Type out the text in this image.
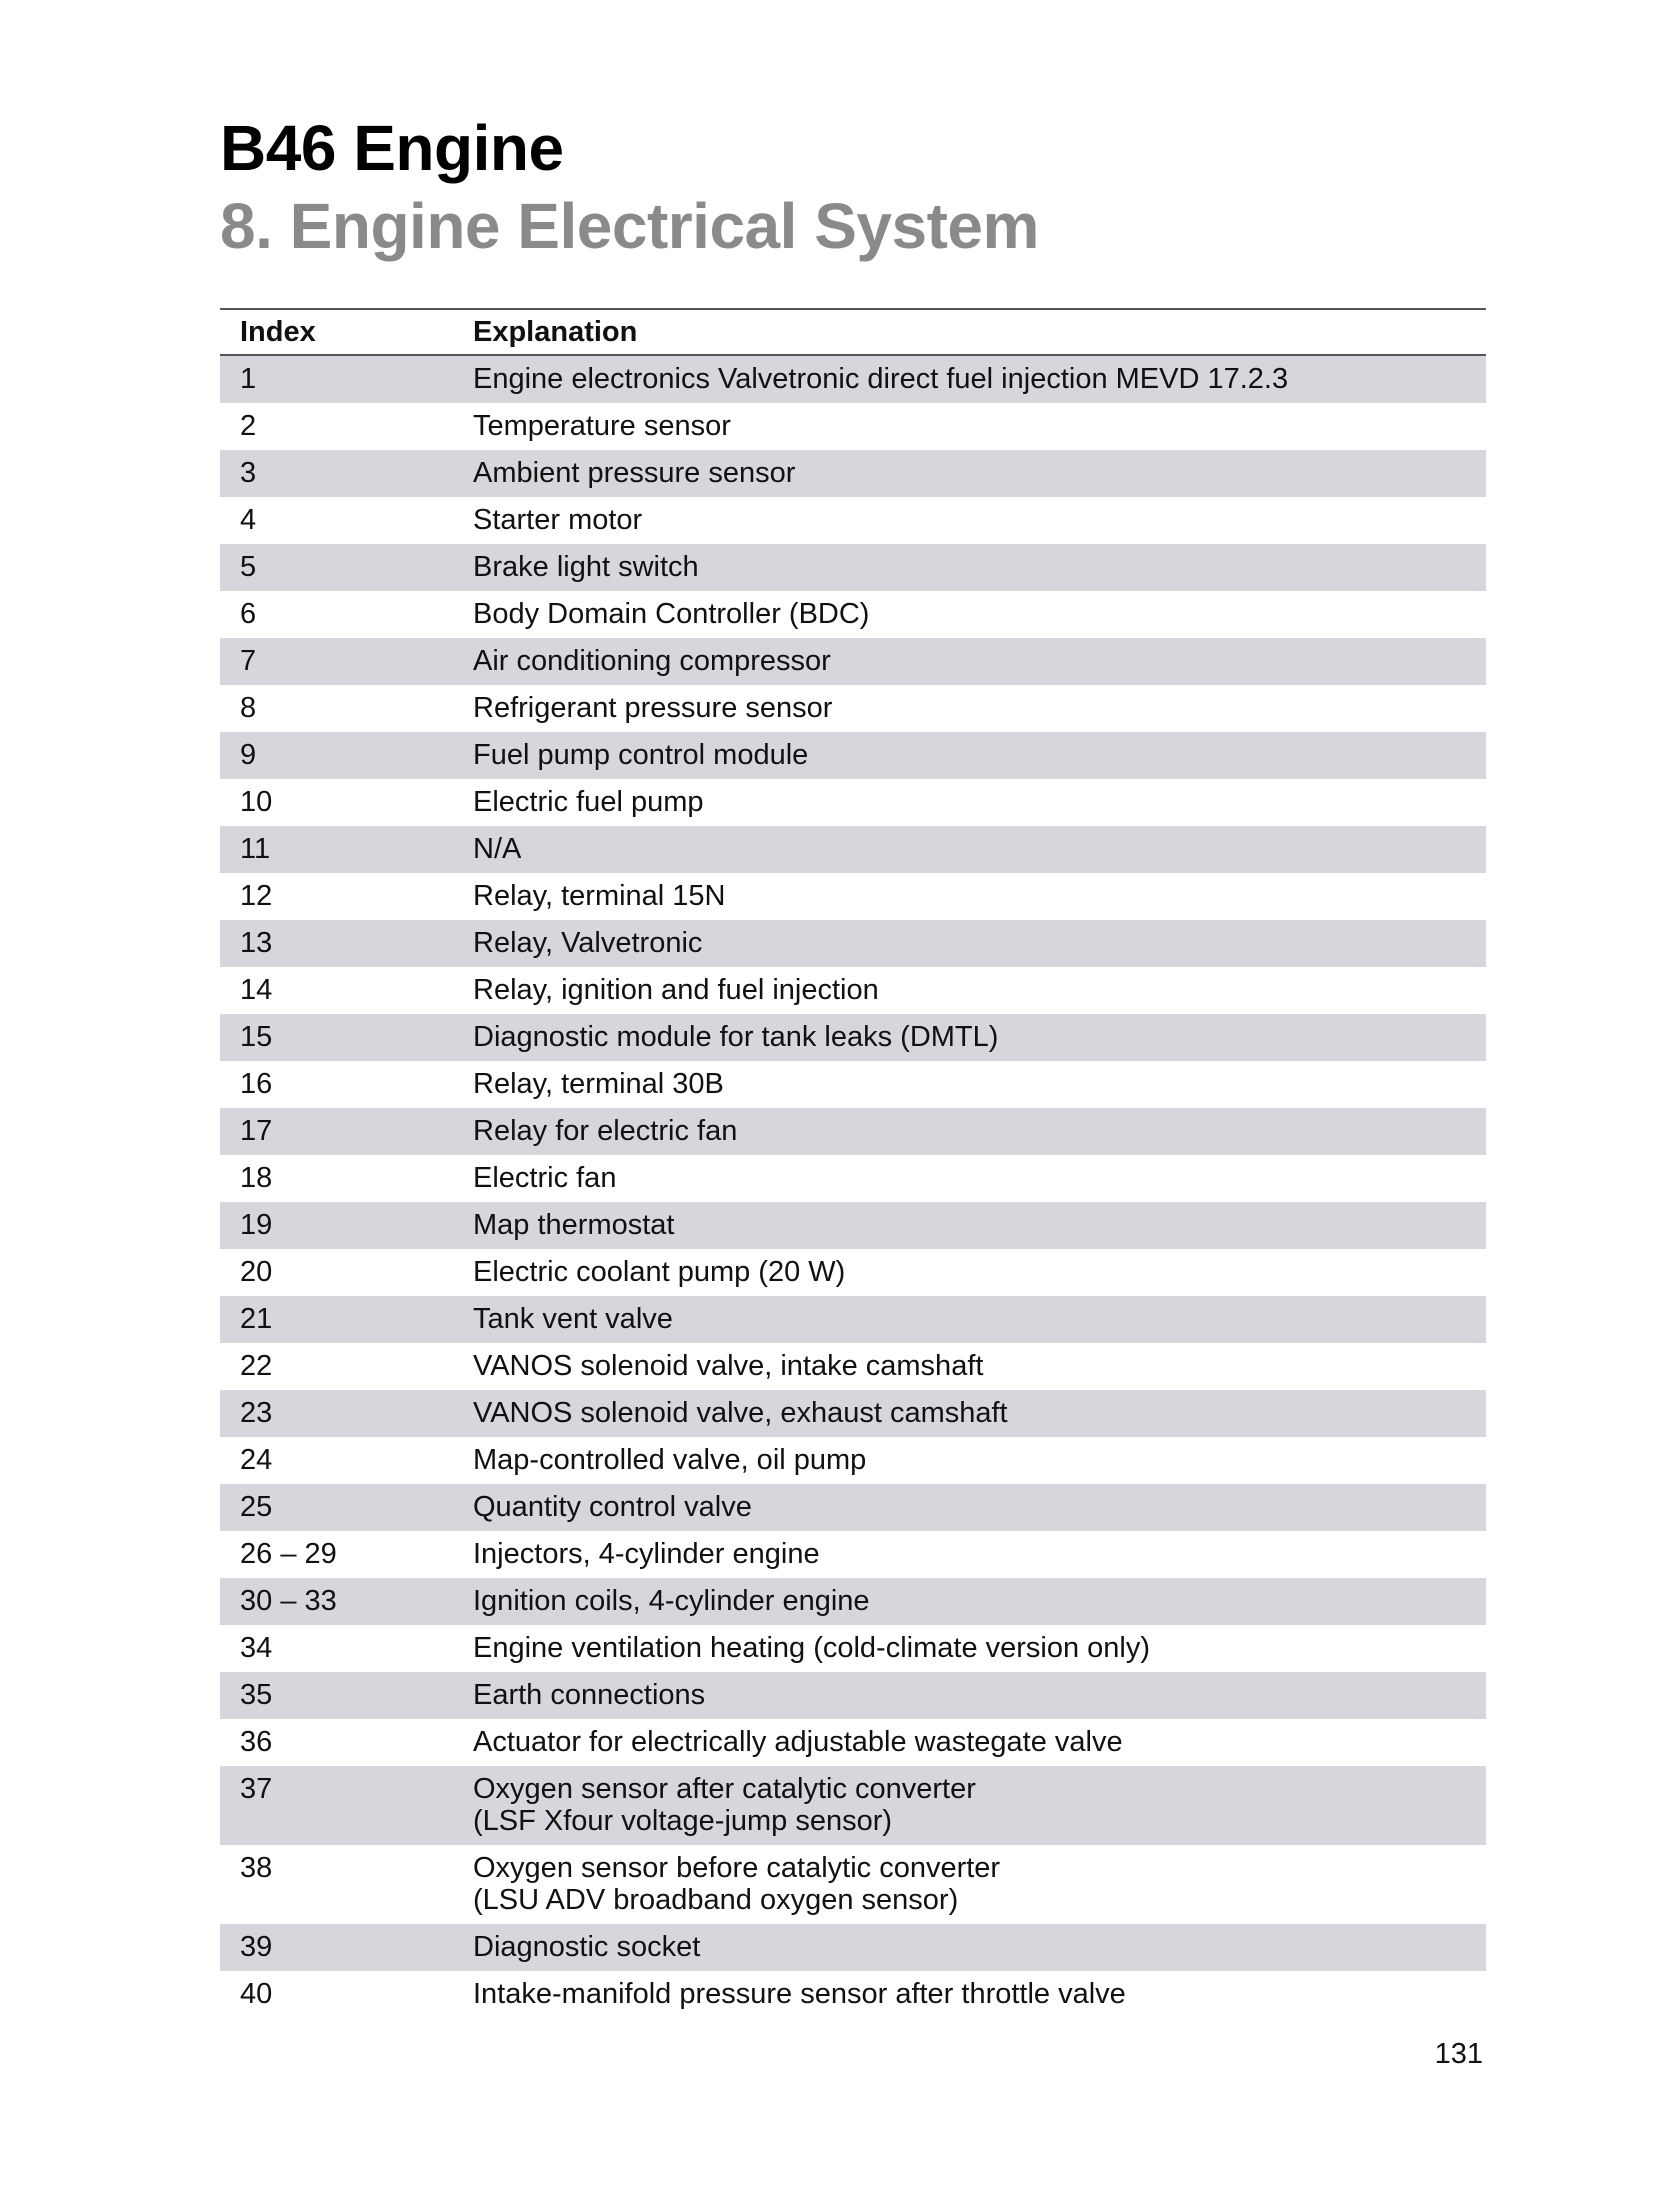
B46 Engine
8. Engine Electrical System
Index	Explanation
1	Engine electronics Valvetronic direct fuel injection MEVD 17.2.3
2	Temperature sensor
3	Ambient pressure sensor
4	Starter motor
5	Brake light switch
6	Body Domain Controller (BDC)
7	Air conditioning compressor
8	Refrigerant pressure sensor
9	Fuel pump control module
10	Electric fuel pump
11	N/A
12	Relay, terminal 15N
13	Relay, Valvetronic
14	Relay, ignition and fuel injection
15	Diagnostic module for tank leaks (DMTL)
16	Relay, terminal 30B
17	Relay for electric fan
18	Electric fan
19	Map thermostat
20	Electric coolant pump (20 W)
21	Tank vent valve
22	VANOS solenoid valve, intake camshaft
23	VANOS solenoid valve, exhaust camshaft
24	Map-controlled valve, oil pump
25	Quantity control valve
26 – 29	Injectors, 4-cylinder engine
30 – 33	Ignition coils, 4-cylinder engine
34	Engine ventilation heating (cold-climate version only)
35	Earth connections
36	Actuator for electrically adjustable wastegate valve
37	Oxygen sensor after catalytic converter
(LSF Xfour voltage-jump sensor)
38	Oxygen sensor before catalytic converter
(LSU ADV broadband oxygen sensor)
39	Diagnostic socket
40	Intake-manifold pressure sensor after throttle valve
131
